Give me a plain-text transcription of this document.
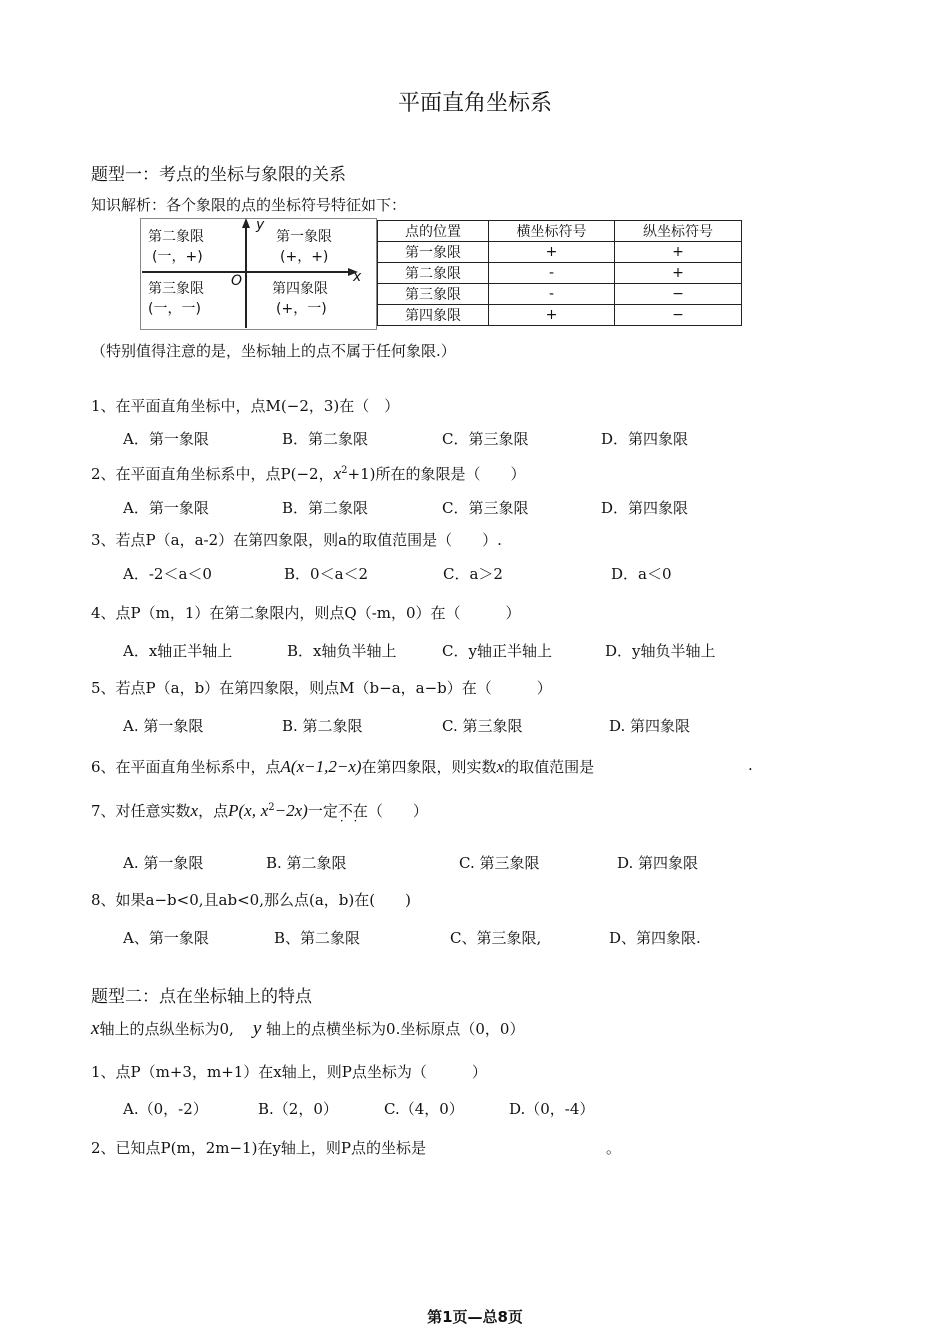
平面直角坐标系
题型一：考点的坐标与象限的关系
知识解析：各个象限的点的坐标符号特征如下：
y
x
O
第二象限
(一，+)
第一象限
(+，+)
第三象限
(一，一)
第四象限
(+，一)
点的位置	横坐标符号	纵坐标符号
第一象限	+	+
第二象限	-	+
第三象限	-	−
第四象限	+	−
（特别值得注意的是，坐标轴上的点不属于任何象限.）
1、在平面直角坐标中，点M(−2，3)在（　）
A．第一象限	B．第二象限	C．第三象限	D．第四象限
2、在平面直角坐标系中，点P(−2，$x^2+1$)所在的象限是（　　）
A．第一象限	B．第二象限	C．第三象限	D．第四象限
3、若点P（a，a-2）在第四象限，则a的取值范围是（　　）.
A．-2＜a＜0	B．0＜a＜2	C．a＞2	D．a＜0
4、点P（m，1）在第二象限内，则点Q（-m，0）在（　　　）
A．x轴正半轴上	B．x轴负半轴上	C．y轴正半轴上	D．y轴负半轴上
5、若点P（a，b）在第四象限，则点M（b−a，a−b）在（　　　）
A. 第一象限	B. 第二象限	C. 第三象限	D. 第四象限
6、在平面直角坐标系中，点A(x−1,2−x)在第四象限，则实数x的取值范围是	.
7、对任意实数x，点P(x, $x^2-2x$)一定不在 · ·（　　）
A. 第一象限	B. 第二象限	C. 第三象限	D. 第四象限
8、如果a−b<0,且ab<0,那么点(a，b)在(　　)
A、第一象限	B、第二象限	C、第三象限,	D、第四象限.
题型二：点在坐标轴上的特点
x轴上的点纵坐标为0, y 轴上的点横坐标为0.坐标原点（0，0）
1、点P（m+3，m+1）在x轴上，则P点坐标为（　　　）
A.（0，-2）	B.（2，0）	C.（4，0）	D.（0，-4）
2、已知点P(m，2m−1)在y轴上，则P点的坐标是	。
第1页—总8页
